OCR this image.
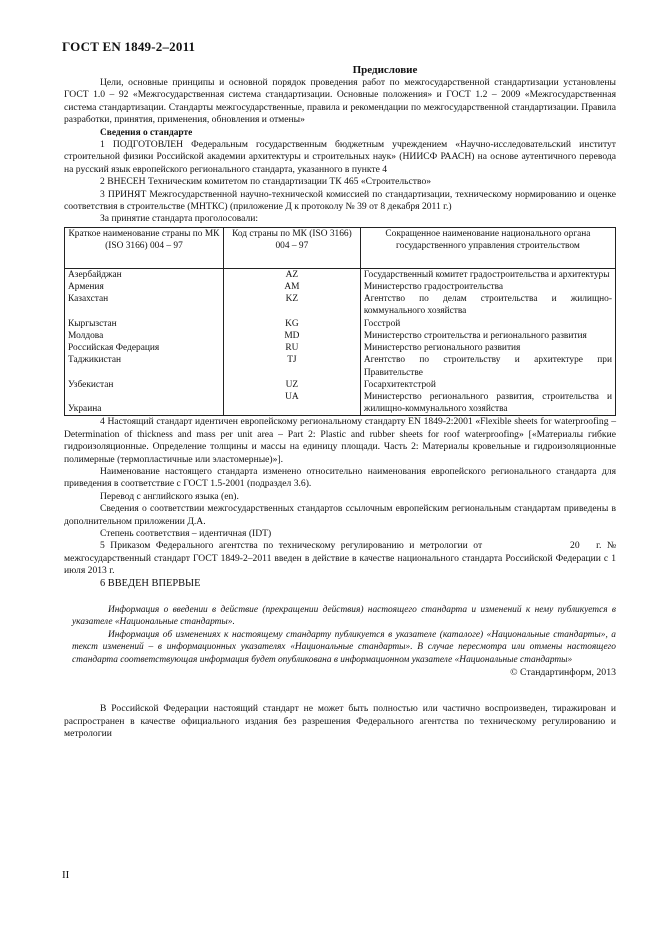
ГОСТ EN 1849-2–2011
Предисловие

Цели, основные принципы и основной порядок проведения работ по межгосударственной стандартизации установлены ГОСТ 1.0 – 92 «Межгосударственная система стандартизации. Основные положения» и ГОСТ 1.2 – 2009 «Межгосударственная система стандартизации. Стандарты межгосударственные, правила и рекомендации по межгосударственной стандартизации. Правила разработки, принятия, применения, обновления и отмены»

Сведения о стандарте

1 ПОДГОТОВЛЕН Федеральным государственным бюджетным учреждением «Научно-исследовательский институт строительной физики Российской академии архитектуры и строительных наук» (НИИСФ РААСН) на основе аутентичного перевода на русский язык европейского регионального стандарта, указанного в пункте 4

2 ВНЕСЕН Техническим комитетом по стандартизации ТК 465 «Строительство»

3 ПРИНЯТ Межгосударственной научно-технической комиссией по стандартизации, техническому нормированию и оценке соответствия в строительстве (МНТКС) (приложение Д к протоколу № 39 от 8 декабря 2011 г.)

За принятие стандарта проголосовали:

Краткое наименование страны по МК (ISO 3166) 004 – 97	Код страны по МК (ISO 3166) 004 – 97	Сокращенное наименование национального органа государственного управления строительством
Азербайджан	AZ	Государственный комитет градостроительства и архитектуры
Армения	AM	Министерство градостроительства
Казахстан	KZ	Агентство по делам строительства и жилищно-коммунального хозяйства
Кыргызстан	KG	Госстрой
Молдова	MD	Министерство строительства и регионального развития
Российская Федерация	RU	Министерство регионального развития
Таджикистан	TJ	Агентство по строительству и архитектуре при Правительстве
Узбекистан	UZ	Госархитектстрой
Украина	UA	Министерство регионального развития, строительства и жилищно-коммунального хозяйства

4 Настоящий стандарт идентичен европейскому региональному стандарту EN 1849-2:2001 «Flexible sheets for waterproofing – Determination of thickness and mass per unit area – Part 2: Plastic and rubber sheets for roof waterproofing» [«Материалы гибкие гидроизоляционные. Определение толщины и массы на единицу площади. Часть 2: Материалы кровельные и гидроизоляционные полимерные (термопластичные или эластомерные)»].

Наименование настоящего стандарта изменено относительно наименования европейского регионального стандарта для приведения в соответствие с ГОСТ 1.5-2001 (подраздел 3.6).

Перевод с английского языка (en).

Сведения о соответствии межгосударственных стандартов ссылочным европейским региональным стандартам приведены в дополнительном приложении Д.А.

Степень соответствия – идентичная (IDT)

5 Приказом Федерального агентства по техническому регулированию и метрологии от                20   г. №          межгосударственный стандарт ГОСТ 1849-2–2011 введен в действие в качестве национального стандарта Российской Федерации с 1 июля 2013 г.

6 ВВЕДЕН ВПЕРВЫЕ

Информация о введении в действие (прекращении действия) настоящего стандарта и изменений к нему публикуется в указателе «Национальные стандарты».

Информация об изменениях к настоящему стандарту публикуется в указателе (каталоге) «Национальные стандарты», а текст изменений – в информационных указателях «Национальные стандарты». В случае пересмотра или отмены настоящего стандарта соответствующая информация будет опубликована в информационном указателе «Национальные стандарты»

© Стандартинформ, 2013

В Российской Федерации настоящий стандарт не может быть полностью или частично воспроизведен, тиражирован и распространен в качестве официального издания без разрешения Федерального агентства по техническому регулированию и метрологии

II
